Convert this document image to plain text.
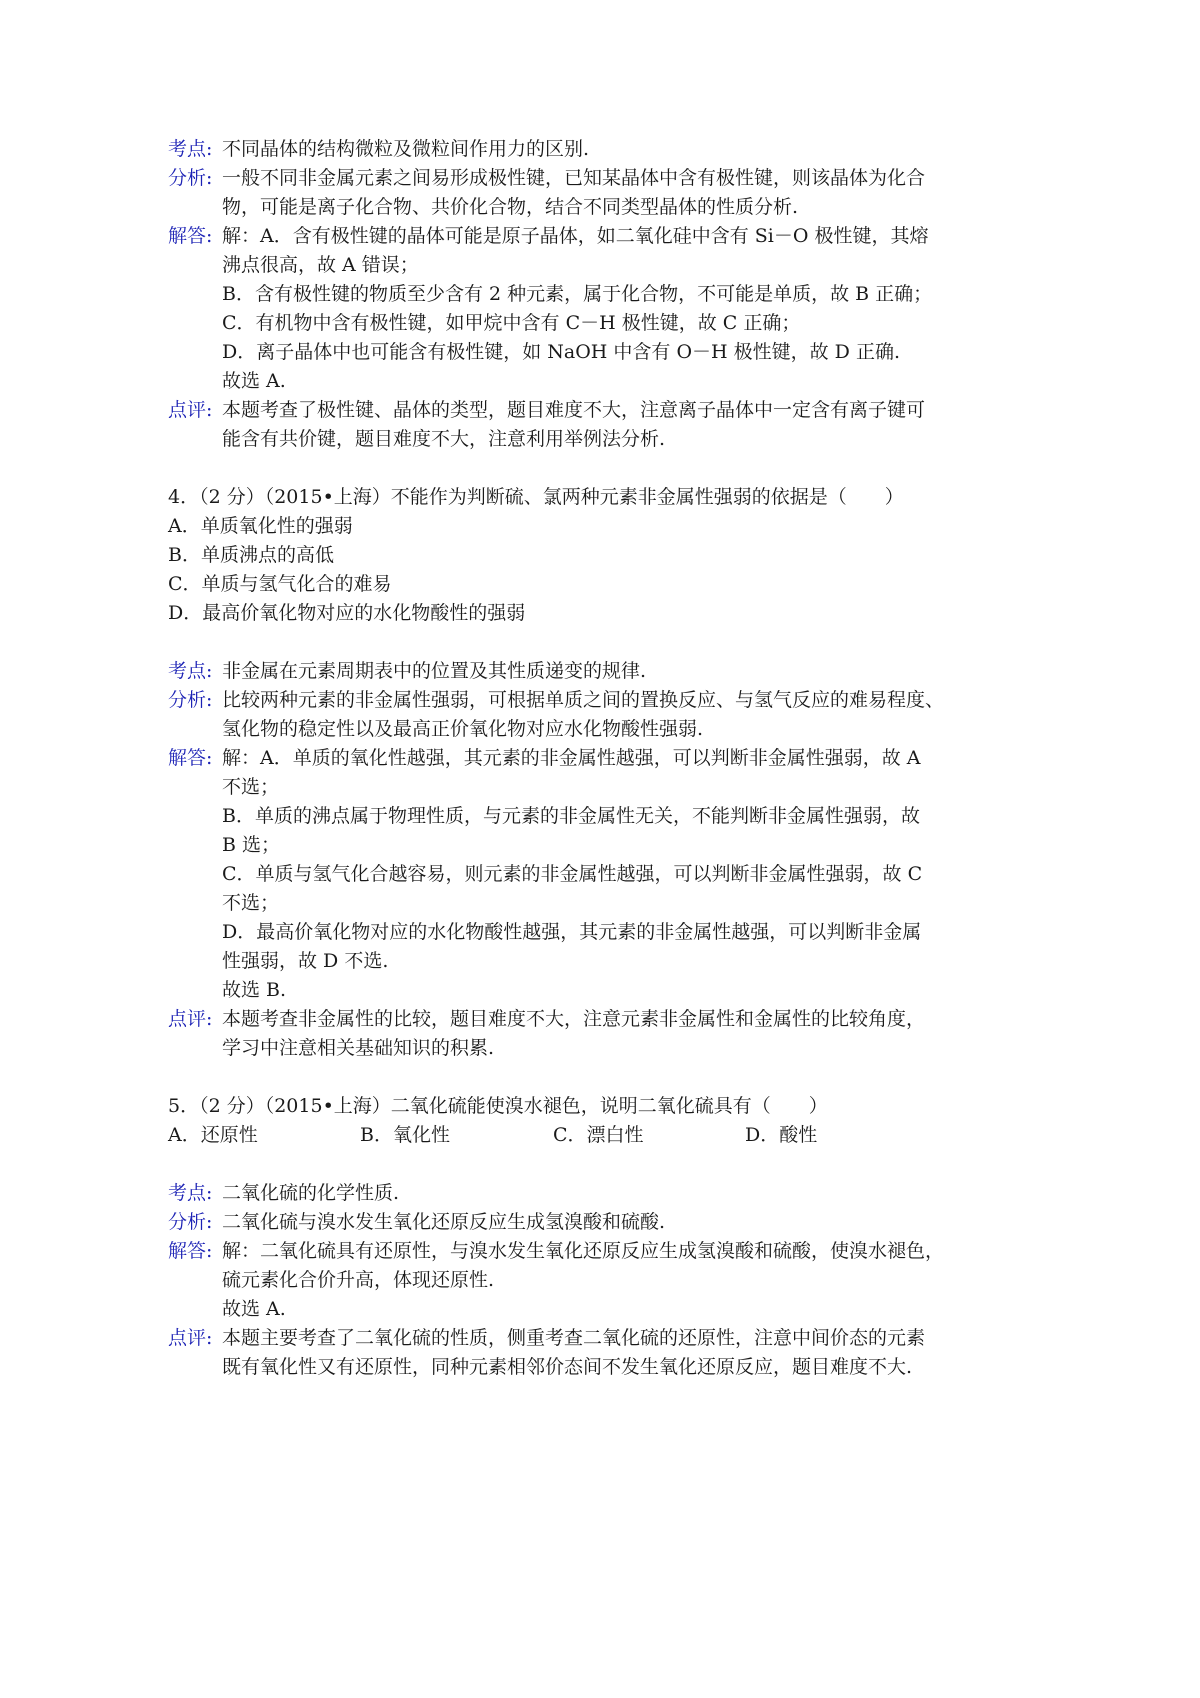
考点: 不同晶体的结构微粒及微粒间作用力的区别.
分析: 一般不同非金属元素之间易形成极性键，已知某晶体中含有极性键，则该晶体为化合
物，可能是离子化合物、共价化合物，结合不同类型晶体的性质分析.
解答: 解：A．含有极性键的晶体可能是原子晶体，如二氧化硅中含有 Si－O 极性键，其熔
沸点很高，故 A 错误；
B．含有极性键的物质至少含有 2 种元素，属于化合物，不可能是单质，故 B 正确；
C．有机物中含有极性键，如甲烷中含有 C－H 极性键，故 C 正确；
D．离子晶体中也可能含有极性键，如 NaOH 中含有 O－H 极性键，故 D 正确.
故选 A.
点评: 本题考查了极性键、晶体的类型，题目难度不大，注意离子晶体中一定含有离子键可
能含有共价键，题目难度不大，注意利用举例法分析.
4．（2 分）（2015•上海）不能作为判断硫、氯两种元素非金属性强弱的依据是（　　）
A．单质氧化性的强弱
B．单质沸点的高低
C．单质与氢气化合的难易
D．最高价氧化物对应的水化物酸性的强弱
考点: 非金属在元素周期表中的位置及其性质递变的规律.
分析: 比较两种元素的非金属性强弱，可根据单质之间的置换反应、与氢气反应的难易程度、
氢化物的稳定性以及最高正价氧化物对应水化物酸性强弱.
解答: 解：A．单质的氧化性越强，其元素的非金属性越强，可以判断非金属性强弱，故 A
不选；
B．单质的沸点属于物理性质，与元素的非金属性无关，不能判断非金属性强弱，故
B 选；
C．单质与氢气化合越容易，则元素的非金属性越强，可以判断非金属性强弱，故 C
不选；
D．最高价氧化物对应的水化物酸性越强，其元素的非金属性越强，可以判断非金属
性强弱，故 D 不选.
故选 B.
点评: 本题考查非金属性的比较，题目难度不大，注意元素非金属性和金属性的比较角度，
学习中注意相关基础知识的积累.
5．（2 分）（2015•上海）二氧化硫能使溴水褪色，说明二氧化硫具有（　　）
A．还原性	B．氧化性	C．漂白性	D．酸性
考点: 二氧化硫的化学性质.
分析: 二氧化硫与溴水发生氧化还原反应生成氢溴酸和硫酸.
解答: 解：二氧化硫具有还原性，与溴水发生氧化还原反应生成氢溴酸和硫酸，使溴水褪色，
硫元素化合价升高，体现还原性.
故选 A.
点评: 本题主要考查了二氧化硫的性质，侧重考查二氧化硫的还原性，注意中间价态的元素
既有氧化性又有还原性，同种元素相邻价态间不发生氧化还原反应，题目难度不大.
